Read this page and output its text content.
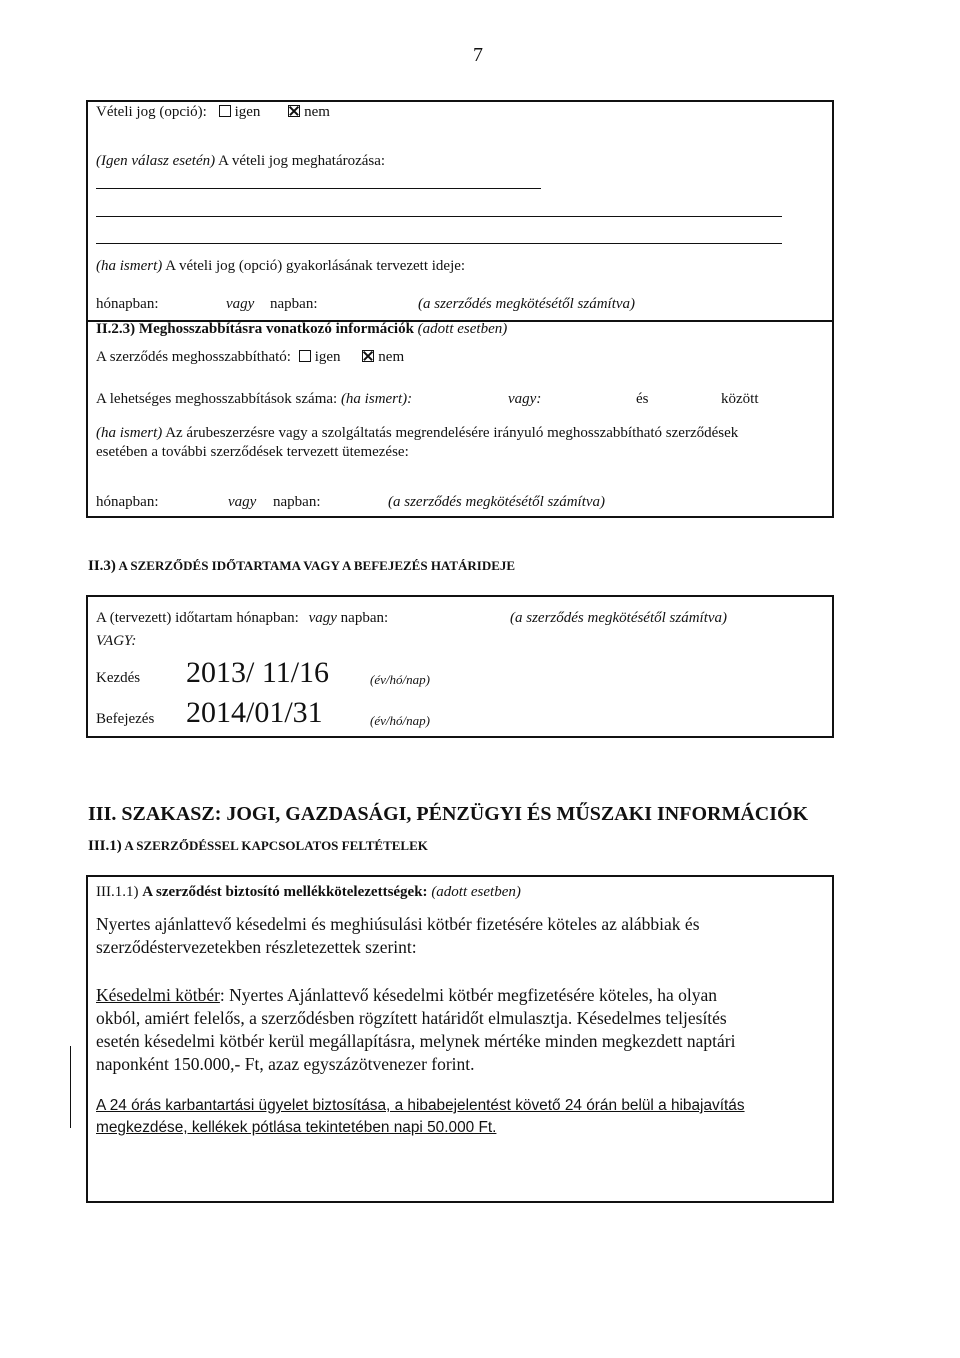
7
Vételi jog (opció): igen	nem
(Igen válasz esetén) A vételi jog meghatározása:
(ha ismert) A vételi jog (opció) gyakorlásának tervezett ideje:
hónapban:	vagy napban:	(a szerződés megkötésétől számítva)
II.2.3) Meghosszabbításra vonatkozó információk (adott esetben)
A szerződés meghosszabbítható: igen	nem
A lehetséges meghosszabbítások száma: (ha ismert):	vagy:	és	között
(ha ismert) Az árubeszerzésre vagy a szolgáltatás megrendelésére irányuló meghosszabbítható szerződések
esetében a további szerződések tervezett ütemezése:
hónapban:	vagy napban:	(a szerződés megkötésétől számítva)
II.3) A SZERZŐDÉS IDŐTARTAMA VAGY A BEFEJEZÉS HATÁRIDEJE
A (tervezett) időtartam hónapban: vagy napban:	(a szerződés megkötésétől számítva)
VAGY:
Kezdés 2013/ 11/16	(év/hó/nap)
Befejezés 2014/01/31	(év/hó/nap)
III. SZAKASZ: JOGI, GAZDASÁGI, PÉNZÜGYI ÉS MŰSZAKI INFORMÁCIÓK
III.1) A SZERZŐDÉSSEL KAPCSOLATOS FELTÉTELEK
III.1.1) A szerződést biztosító mellékkötelezettségek: (adott esetben)
Nyertes ajánlattevő késedelmi és meghiúsulási kötbér fizetésére köteles az alábbiak és
szerződéstervezetekben részletezettek szerint:
Késedelmi kötbér: Nyertes Ajánlattevő késedelmi kötbér megfizetésére köteles, ha olyan
okból, amiért felelős, a szerződésben rögzített határidőt elmulasztja. Késedelmes teljesítés
esetén késedelmi kötbér kerül megállapításra, melynek mértéke minden megkezdett naptári
naponként 150.000,- Ft, azaz egyszázötvenezer forint.
A 24 órás karbantartási ügyelet biztosítása, a hibabejelentést követő 24 órán belül a hibajavítás
megkezdése, kellékek pótlása tekintetében napi 50.000 Ft.
